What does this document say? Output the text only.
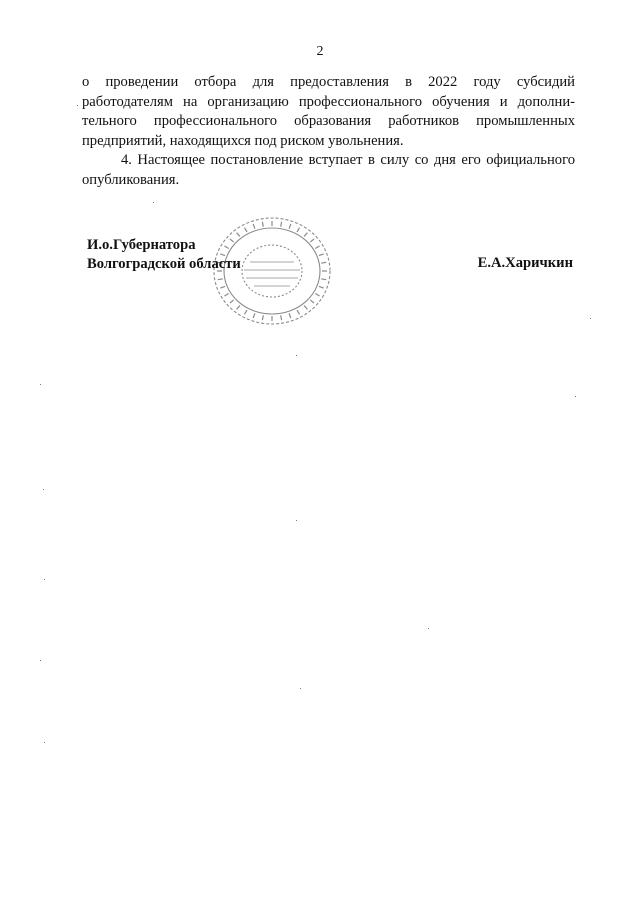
2
о проведении отбора для предоставления в 2022 году субсидий
работодателям на организацию профессионального обучения и дополни-
тельного профессионального образования работников промышленных
предприятий, находящихся под риском увольнения.
4. Настоящее постановление вступает в силу со дня его официального
опубликования.
И.о.Губернатора
Волгоградской области	Е.А.Харичкин
